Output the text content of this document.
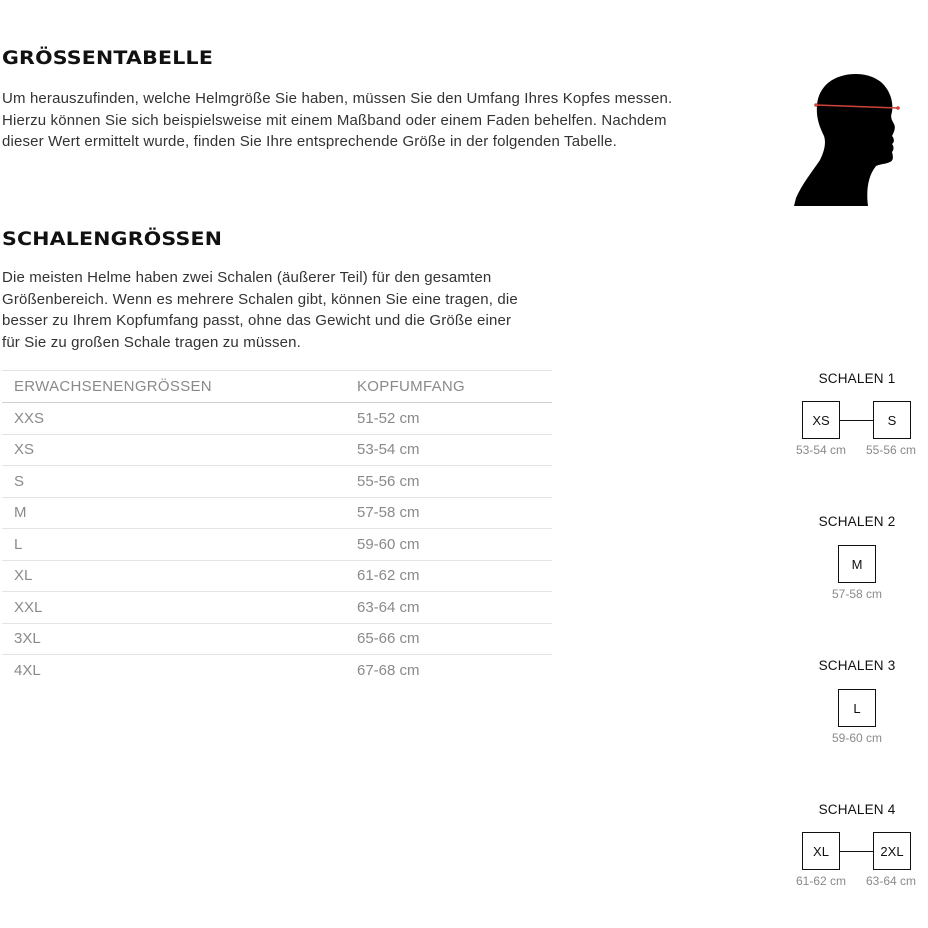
GRÖSSENTABELLE

Um herauszufinden, welche Helmgröße Sie haben, müssen Sie den Umfang Ihres Kopfes messen.
Hierzu können Sie sich beispielsweise mit einem Maßband oder einem Faden behelfen. Nachdem
dieser Wert ermittelt wurde, finden Sie Ihre entsprechende Größe in der folgenden Tabelle.

SCHALENGRÖSSEN

Die meisten Helme haben zwei Schalen (äußerer Teil) für den gesamten
Größenbereich. Wenn es mehrere Schalen gibt, können Sie eine tragen, die
besser zu Ihrem Kopfumfang passt, ohne das Gewicht und die Größe einer
für Sie zu großen Schale tragen zu müssen.

ERWACHSENENGRÖSSEN	KOPFUMFANG
XXS	51-52 cm
XS	53-54 cm
S	55-56 cm
M	57-58 cm
L	59-60 cm
XL	61-62 cm
XXL	63-64 cm
3XL	65-66 cm
4XL	67-68 cm
SCHALEN 1
XS	S
53-54 cm	55-56 cm
SCHALEN 2
M
57-58 cm
SCHALEN 3
L
59-60 cm
SCHALEN 4
XL	2XL
61-62 cm	63-64 cm
